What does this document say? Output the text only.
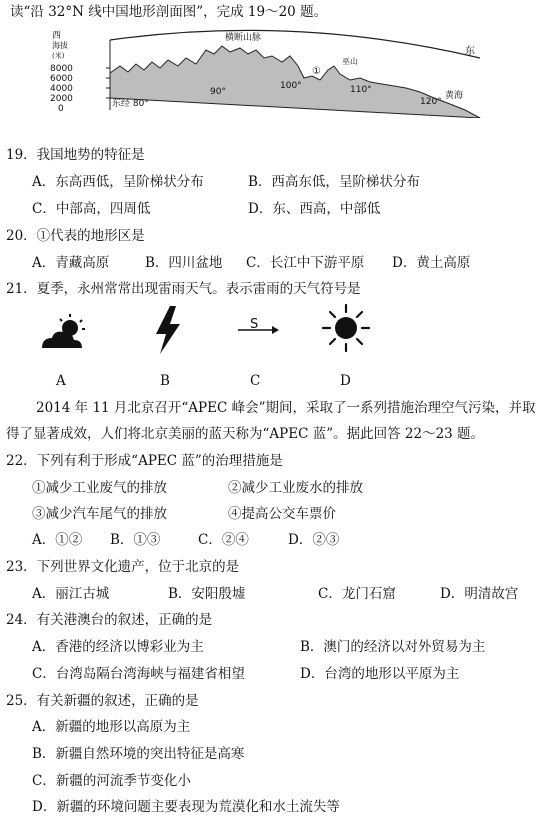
读“沿 32°N 线中国地形剖面图”，完成 19～20 题。
西
海拔
(米)
8000
6000
4000
2000
0	东经 80°
90°
100°	110°
120°
横断山脉
巫山
①
黄海
东
19．我国地势的特征是
A．东高西低，呈阶梯状分布	B．西高东低，呈阶梯状分布
C．中部高，四周低	D．东、西高，中部低
20．①代表的地形区是
A．青藏高原	B．四川盆地 C．长江中下游平原 D．黄土高原
21．夏季，永州常常出现雷雨天气。表示雷雨的天气符号是
S
A	B	C	D
2014 年 11 月北京召开“APEC 峰会”期间，采取了一系列措施治理空气污染，并取
得了显著成效，人们将北京美丽的蓝天称为“APEC 蓝”。据此回答 22～23 题。
22．下列有利于形成“APEC 蓝”的治理措施是
①减少工业废气的排放	②减少工业废水的排放
③减少汽车尾气的排放	④提高公交车票价
A．①② B．①③	C．②④	D．②③
23．下列世界文化遗产，位于北京的是
A．丽江古城	B．安阳殷墟	C．龙门石窟	D．明清故宫
24．有关港澳台的叙述，正确的是
A．香港的经济以博彩业为主	B．澳门的经济以对外贸易为主
C．台湾岛隔台湾海峡与福建省相望	D．台湾的地形以平原为主
25．有关新疆的叙述，正确的是
A．新疆的地形以高原为主
B．新疆自然环境的突出特征是高寒
C．新疆的河流季节变化小
D．新疆的环境问题主要表现为荒漠化和水土流失等
